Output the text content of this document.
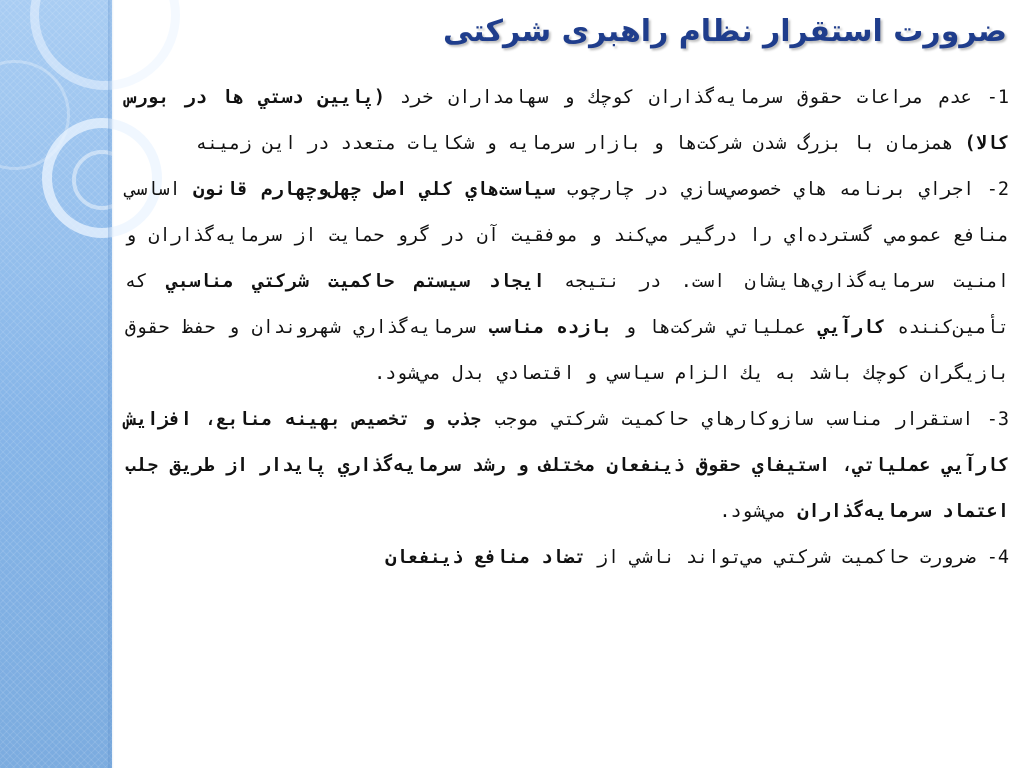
ضرورت استقرار نظام راهبری شرکتی

1- عدم مراعات حقوق سرمايه‌گذاران كوچك و سهامداران خرد (پايين دستي ها در بورس كالا) همزمان با بزرگ شدن شركت‌ها و بازار سرمايه و شكايات متعدد در اين زمينه

2- اجراي برنامه هاي خصوصي‌سازي در چارچوب سياست‌هاي كلي اصل چهل‌وچهارم قانون اساسي منافع عمومي گسترده‌اي را درگير مي‌كند و موفقيت آن در گرو حمايت از سرمايه‌گذاران و امنيت سرمايه‌گذاري‌هايشان است. در نتيجه ايجاد سيستم حاكميت شركتي مناسبي كه تأمين‌كننده كارآيي عملياتي شركت‌ها و بازده مناسب سرمايه‌گذاري شهروندان و حفظ حقوق بازيگران كوچك باشد به يك الزام سياسي و اقتصادي بدل مي‌شود.

3- استقرار مناسب سازوكارهاي حاكميت شركتي موجب جذب و تخصيص بهينه منابع، افزايش كارآيي عملياتي، استيفاي حقوق ذينفعان مختلف و رشد سرمايه‌گذاري پايدار از طريق جلب اعتماد سرمايه‌گذاران مي‌شود.

4- ضرورت حاكميت شركتي مي‌تواند ناشي از تضاد منافع ذينفعان
